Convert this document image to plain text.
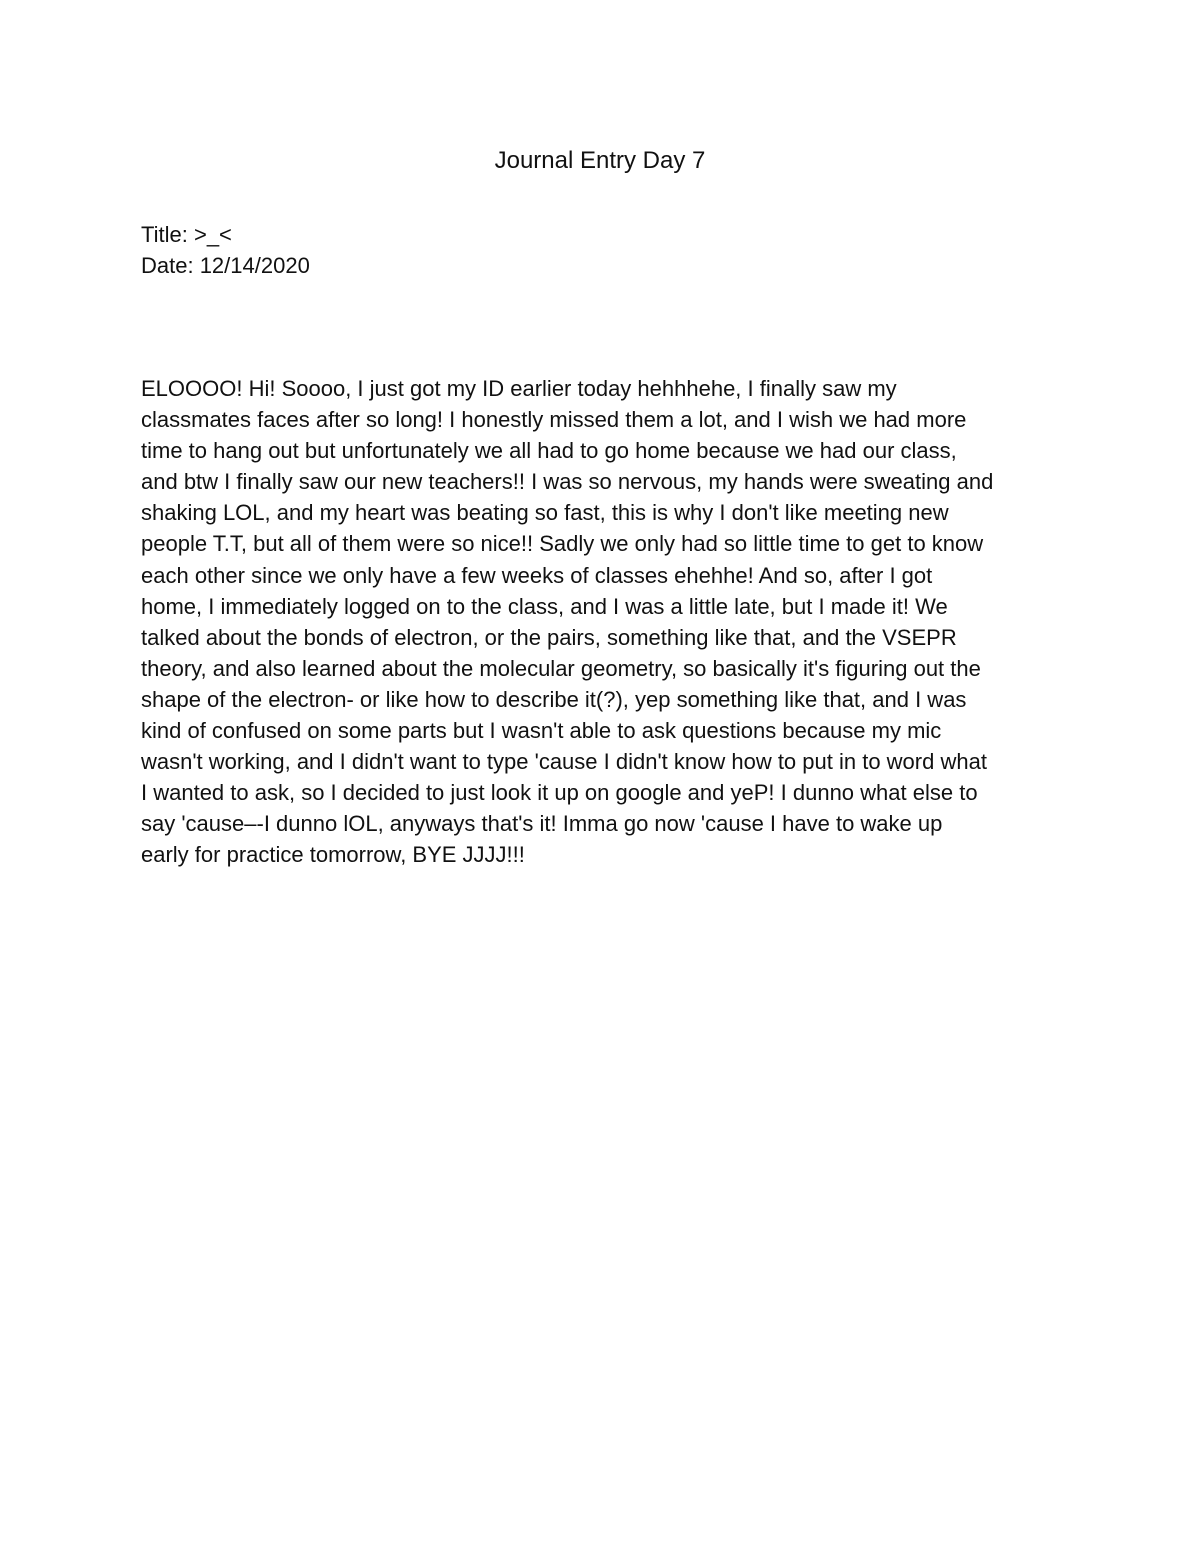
Journal Entry Day 7
Title: >_<
Date: 12/14/2020
ELOOOO! Hi! Soooo, I just got my ID earlier today hehhhehe, I finally saw my
classmates faces after so long! I honestly missed them a lot, and I wish we had more
time to hang out but unfortunately we all had to go home because we had our class,
and btw I finally saw our new teachers!! I was so nervous, my hands were sweating and
shaking LOL, and my heart was beating so fast, this is why I don't like meeting new
people T.T, but all of them were so nice!! Sadly we only had so little time to get to know
each other since we only have a few weeks of classes ehehhe! And so, after I got
home, I immediately logged on to the class, and I was a little late, but I made it! We
talked about the bonds of electron, or the pairs, something like that, and the VSEPR
theory, and also learned about the molecular geometry, so basically it's figuring out the
shape of the electron- or like how to describe it(?), yep something like that, and I was
kind of confused on some parts but I wasn't able to ask questions because my mic
wasn't working, and I didn't want to type 'cause I didn't know how to put in to word what
I wanted to ask, so I decided to just look it up on google and yeP! I dunno what else to
say 'cause–-I dunno lOL, anyways that's it! Imma go now 'cause I have to wake up
early for practice tomorrow, BYE JJJJ!!!
